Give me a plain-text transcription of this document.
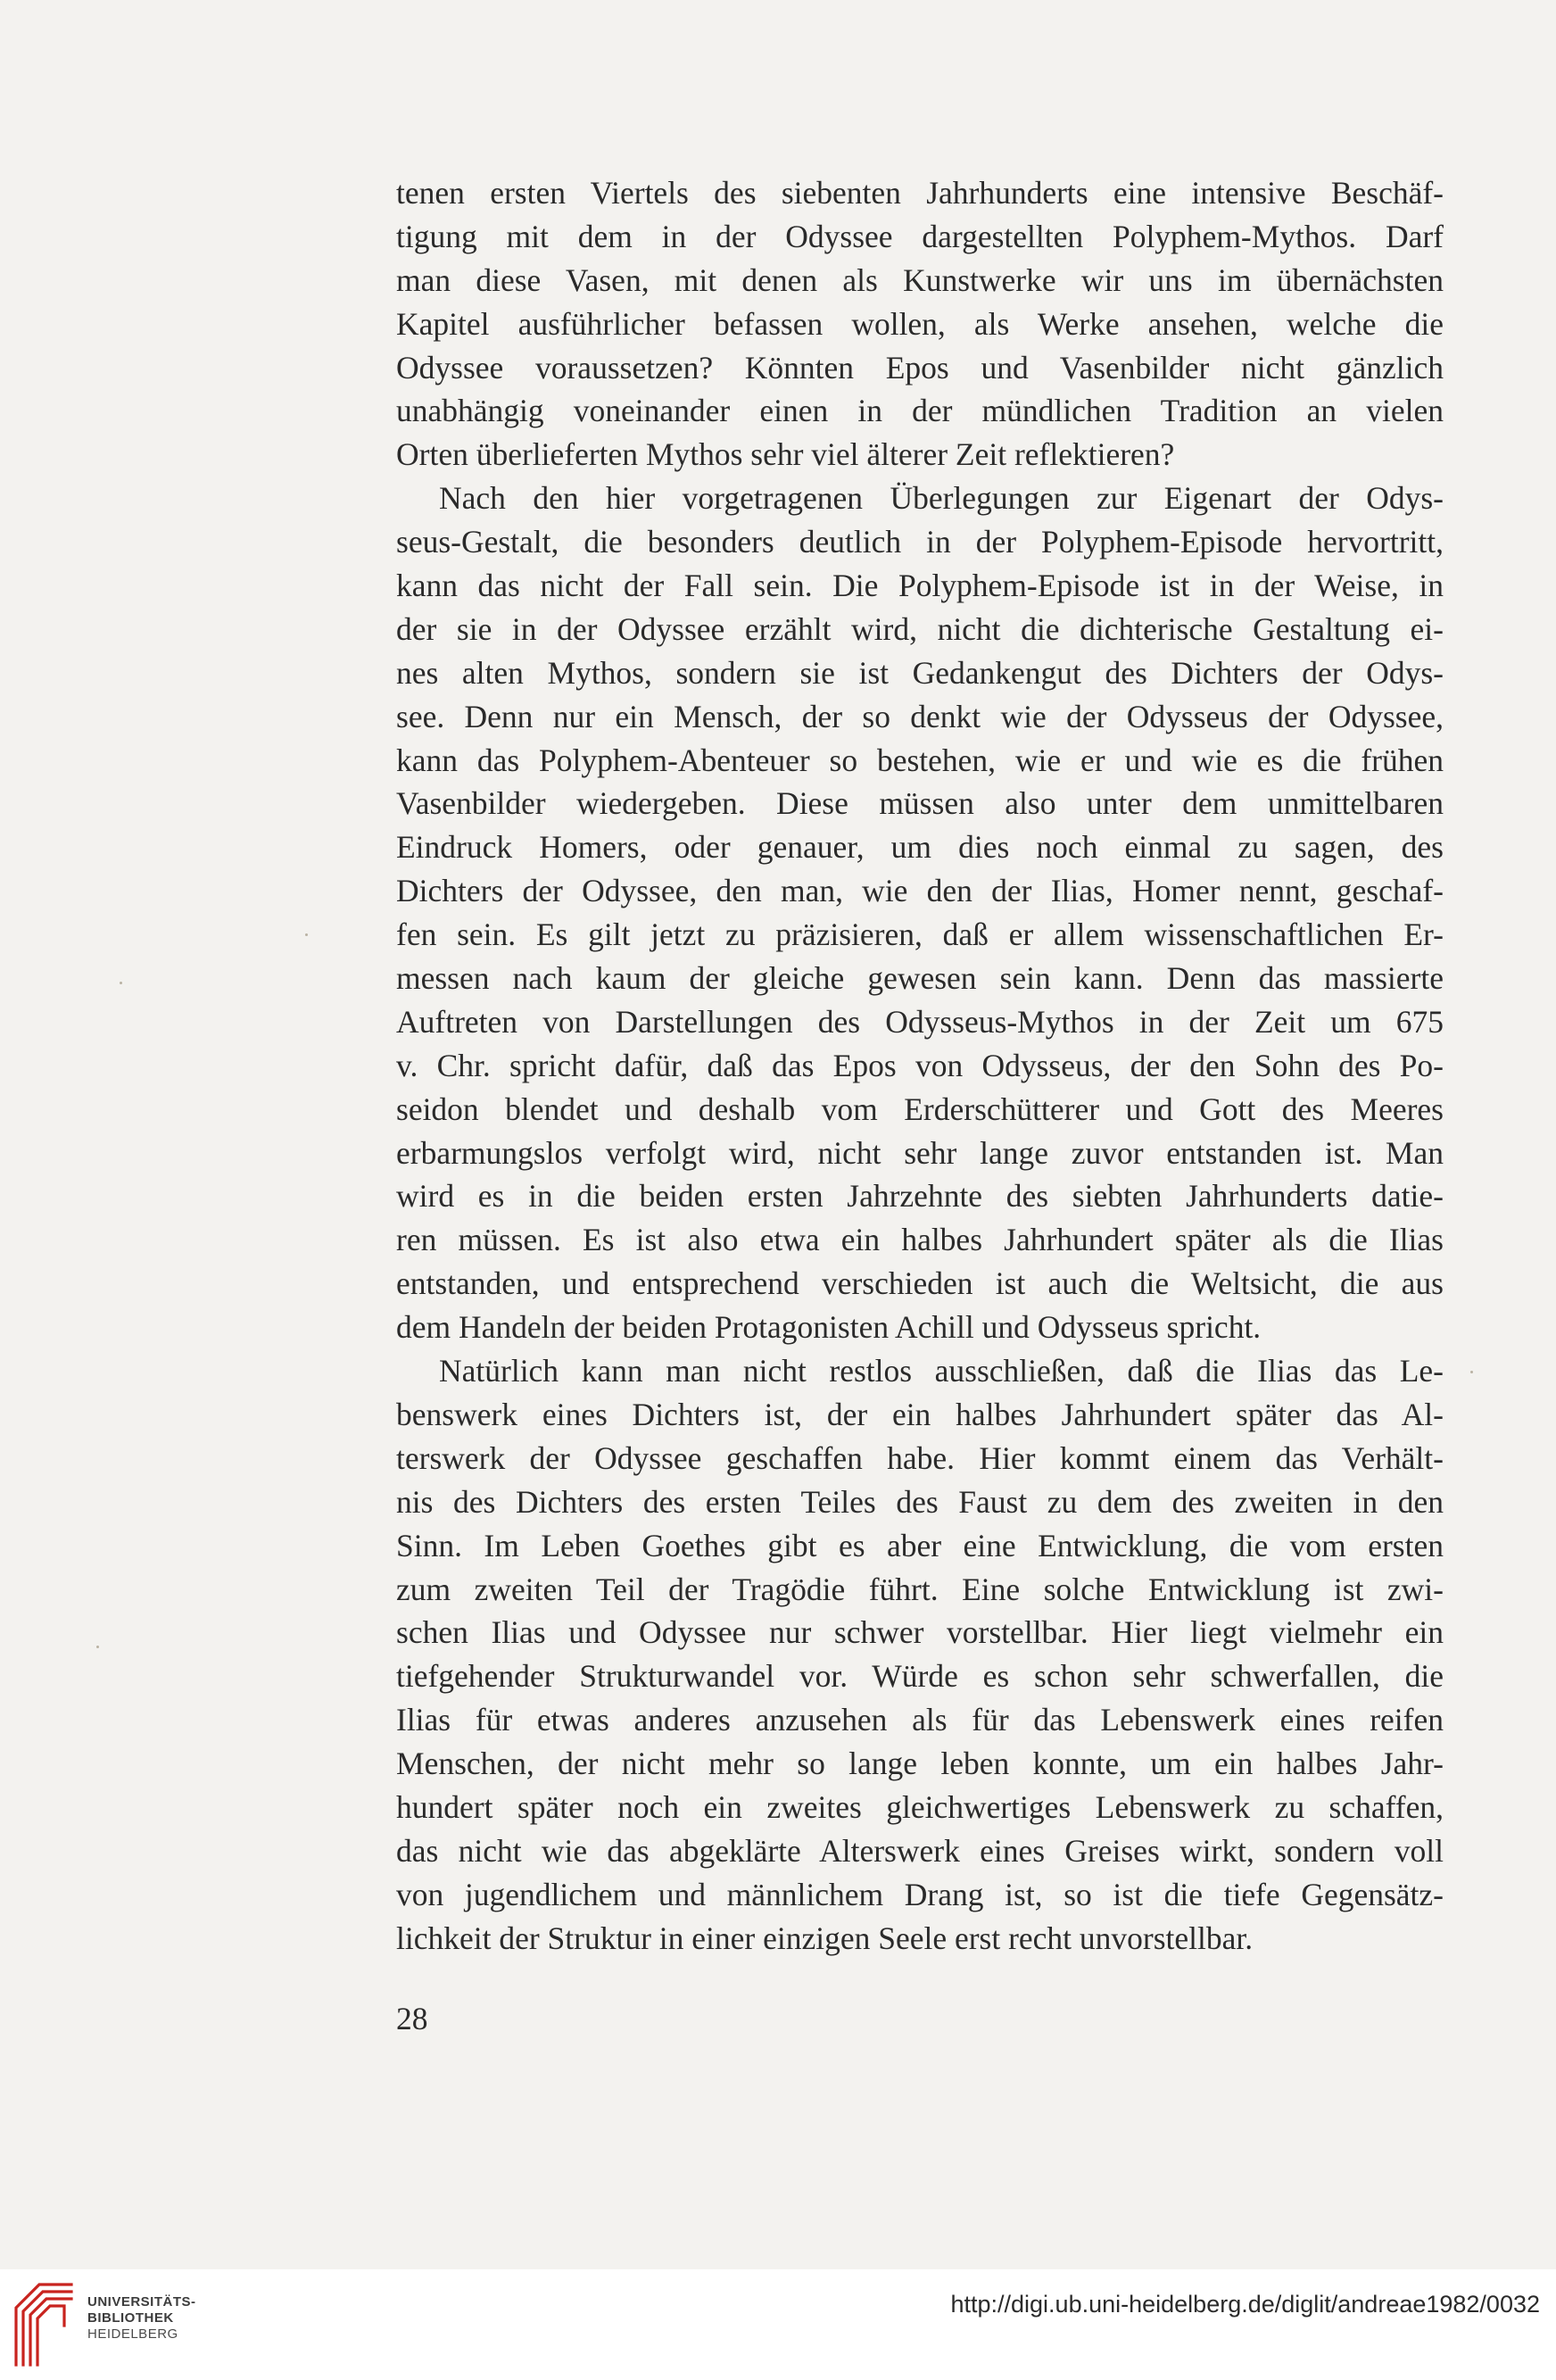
tenen ersten Viertels des siebenten Jahrhunderts eine intensive Beschäf-
tigung mit dem in der Odyssee dargestellten Polyphem-Mythos. Darf
man diese Vasen, mit denen als Kunstwerke wir uns im übernächsten
Kapitel ausführlicher befassen wollen, als Werke ansehen, welche die
Odyssee voraussetzen? Könnten Epos und Vasenbilder nicht gänzlich
unabhängig voneinander einen in der mündlichen Tradition an vielen
Orten überlieferten Mythos sehr viel älterer Zeit reflektieren?
Nach den hier vorgetragenen Überlegungen zur Eigenart der Odys-
seus-Gestalt, die besonders deutlich in der Polyphem-Episode hervortritt,
kann das nicht der Fall sein. Die Polyphem-Episode ist in der Weise, in
der sie in der Odyssee erzählt wird, nicht die dichterische Gestaltung ei-
nes alten Mythos, sondern sie ist Gedankengut des Dichters der Odys-
see. Denn nur ein Mensch, der so denkt wie der Odysseus der Odyssee,
kann das Polyphem-Abenteuer so bestehen, wie er und wie es die frühen
Vasenbilder wiedergeben. Diese müssen also unter dem unmittelbaren
Eindruck Homers, oder genauer, um dies noch einmal zu sagen, des
Dichters der Odyssee, den man, wie den der Ilias, Homer nennt, geschaf-
fen sein. Es gilt jetzt zu präzisieren, daß er allem wissenschaftlichen Er-
messen nach kaum der gleiche gewesen sein kann. Denn das massierte
Auftreten von Darstellungen des Odysseus-Mythos in der Zeit um 675
v. Chr. spricht dafür, daß das Epos von Odysseus, der den Sohn des Po-
seidon blendet und deshalb vom Erderschütterer und Gott des Meeres
erbarmungslos verfolgt wird, nicht sehr lange zuvor entstanden ist. Man
wird es in die beiden ersten Jahrzehnte des siebten Jahrhunderts datie-
ren müssen. Es ist also etwa ein halbes Jahrhundert später als die Ilias
entstanden, und entsprechend verschieden ist auch die Weltsicht, die aus
dem Handeln der beiden Protagonisten Achill und Odysseus spricht.
Natürlich kann man nicht restlos ausschließen, daß die Ilias das Le-
benswerk eines Dichters ist, der ein halbes Jahrhundert später das Al-
terswerk der Odyssee geschaffen habe. Hier kommt einem das Verhält-
nis des Dichters des ersten Teiles des Faust zu dem des zweiten in den
Sinn. Im Leben Goethes gibt es aber eine Entwicklung, die vom ersten
zum zweiten Teil der Tragödie führt. Eine solche Entwicklung ist zwi-
schen Ilias und Odyssee nur schwer vorstellbar. Hier liegt vielmehr ein
tiefgehender Strukturwandel vor. Würde es schon sehr schwerfallen, die
Ilias für etwas anderes anzusehen als für das Lebenswerk eines reifen
Menschen, der nicht mehr so lange leben konnte, um ein halbes Jahr-
hundert später noch ein zweites gleichwertiges Lebenswerk zu schaffen,
das nicht wie das abgeklärte Alterswerk eines Greises wirkt, sondern voll
von jugendlichem und männlichem Drang ist, so ist die tiefe Gegensätz-
lichkeit der Struktur in einer einzigen Seele erst recht unvorstellbar.
28
UNIVERSITÄTS-
BIBLIOTHEK
HEIDELBERG
http://digi.ub.uni-heidelberg.de/diglit/andreae1982/0032
